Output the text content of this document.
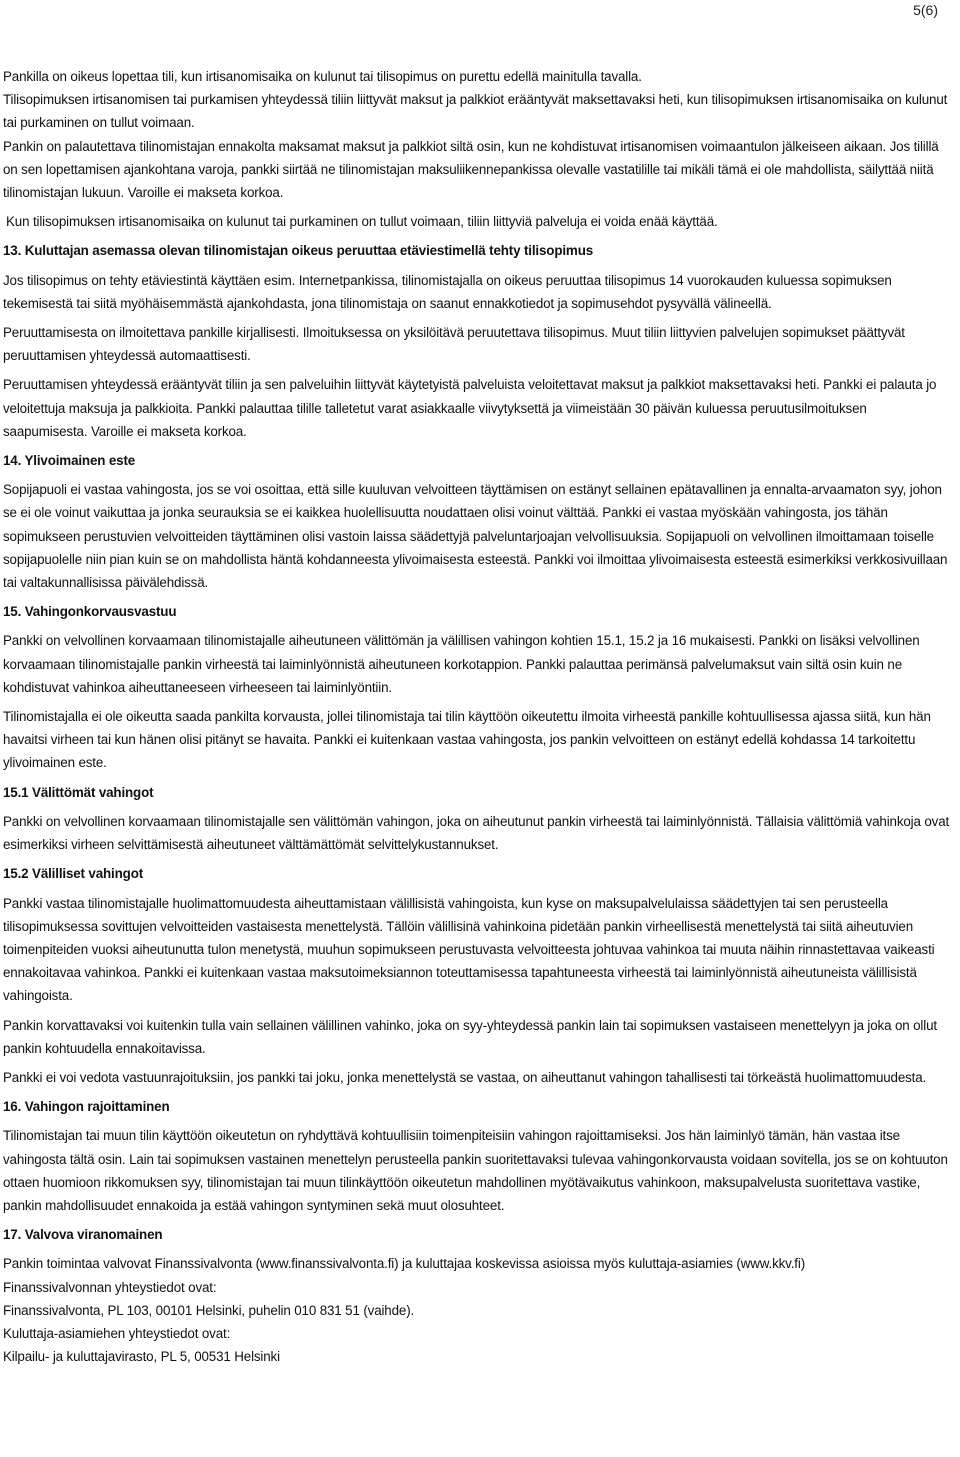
5(6)

Pankilla on oikeus lopettaa tili, kun irtisanomisaika on kulunut tai tilisopimus on purettu edellä mainitulla tavalla.

Tilisopimuksen irtisanomisen tai purkamisen yhteydessä tiliin liittyvät maksut ja palkkiot erääntyvät maksettavaksi heti, kun tilisopimuksen irtisanomisaika on kulunut tai purkaminen on tullut voimaan.

Pankin on palautettava tilinomistajan ennakolta maksamat maksut ja palkkiot siltä osin, kun ne kohdistuvat irtisanomisen voimaantulon jälkeiseen aikaan. Jos tilillä on sen lopettamisen ajankohtana varoja, pankki siirtää ne tilinomistajan maksuliikennepankissa olevalle vastatilille tai mikäli tämä ei ole mahdollista, säilyttää niitä tilinomistajan lukuun. Varoille ei makseta korkoa.

Kun tilisopimuksen irtisanomisaika on kulunut tai purkaminen on tullut voimaan, tiliin liittyviä palveluja ei voida enää käyttää.

13. Kuluttajan asemassa olevan tilinomistajan oikeus peruuttaa etäviestimellä tehty tilisopimus

Jos tilisopimus on tehty etäviestintä käyttäen esim. Internetpankissa, tilinomistajalla on oikeus peruuttaa tilisopimus 14 vuorokauden kuluessa sopimuksen tekemisestä tai siitä myöhäisemmästä ajankohdasta, jona tilinomistaja on saanut ennakkotiedot ja sopimusehdot pysyvällä välineellä.

Peruuttamisesta on ilmoitettava pankille kirjallisesti. Ilmoituksessa on yksilöitävä peruutettava tilisopimus. Muut tiliin liittyvien palvelujen sopimukset päättyvät peruuttamisen yhteydessä automaattisesti.

Peruuttamisen yhteydessä erääntyvät tiliin ja sen palveluihin liittyvät käytetyistä palveluista veloitettavat maksut ja palkkiot maksettavaksi heti. Pankki ei palauta jo veloitettuja maksuja ja palkkioita. Pankki palauttaa tilille talletetut varat asiakkaalle viivytyksettä ja viimeistään 30 päivän kuluessa peruutusilmoituksen saapumisesta. Varoille ei makseta korkoa.

14. Ylivoimainen este

Sopijapuoli ei vastaa vahingosta, jos se voi osoittaa, että sille kuuluvan velvoitteen täyttämisen on estänyt sellainen epätavallinen ja ennalta-arvaamaton syy, johon se ei ole voinut vaikuttaa ja jonka seurauksia se ei kaikkea huolellisuutta noudattaen olisi voinut välttää. Pankki ei vastaa myöskään vahingosta, jos tähän sopimukseen perustuvien velvoitteiden täyttäminen olisi vastoin laissa säädettyjä palveluntarjoajan velvollisuuksia. Sopijapuoli on velvollinen ilmoittamaan toiselle sopijapuolelle niin pian kuin se on mahdollista häntä kohdanneesta ylivoimaisesta esteestä. Pankki voi ilmoittaa ylivoimaisesta esteestä esimerkiksi verkkosivuillaan tai valtakunnallisissa päivälehdissä.

15. Vahingonkorvausvastuu

Pankki on velvollinen korvaamaan tilinomistajalle aiheutuneen välittömän ja välillisen vahingon kohtien 15.1, 15.2 ja 16 mukaisesti. Pankki on lisäksi velvollinen korvaamaan tilinomistajalle pankin virheestä tai laiminlyönnistä aiheutuneen korkotappion. Pankki palauttaa perimänsä palvelumaksut vain siltä osin kuin ne kohdistuvat vahinkoa aiheuttaneeseen virheeseen tai laiminlyöntiin.

Tilinomistajalla ei ole oikeutta saada pankilta korvausta, jollei tilinomistaja tai tilin käyttöön oikeutettu ilmoita virheestä pankille kohtuullisessa ajassa siitä, kun hän havaitsi virheen tai kun hänen olisi pitänyt se havaita. Pankki ei kuitenkaan vastaa vahingosta, jos pankin velvoitteen on estänyt edellä kohdassa 14 tarkoitettu ylivoimainen este.

15.1 Välittömät vahingot

Pankki on velvollinen korvaamaan tilinomistajalle sen välittömän vahingon, joka on aiheutunut pankin virheestä tai laiminlyönnistä. Tällaisia välittömiä vahinkoja ovat esimerkiksi virheen selvittämisestä aiheutuneet välttämättömät selvittelykustannukset.

15.2 Välilliset vahingot

Pankki vastaa tilinomistajalle huolimattomuudesta aiheuttamistaan välillisistä vahingoista, kun kyse on maksupalvelulaissa säädettyjen tai sen perusteella tilisopimuksessa sovittujen velvoitteiden vastaisesta menettelystä. Tällöin välillisinä vahinkoina pidetään pankin virheellisestä menettelystä tai siitä aiheutuvien toimenpiteiden vuoksi aiheutunutta tulon menetystä, muuhun sopimukseen perustuvasta velvoitteesta johtuvaa vahinkoa tai muuta näihin rinnastettavaa vaikeasti ennakoitavaa vahinkoa. Pankki ei kuitenkaan vastaa maksutoimeksiannon toteuttamisessa tapahtuneesta virheestä tai laiminlyönnistä aiheutuneista välillisistä vahingoista.

Pankin korvattavaksi voi kuitenkin tulla vain sellainen välillinen vahinko, joka on syy-yhteydessä pankin lain tai sopimuksen vastaiseen menettelyyn ja joka on ollut pankin kohtuudella ennakoitavissa.

Pankki ei voi vedota vastuunrajoituksiin, jos pankki tai joku, jonka menettelystä se vastaa, on aiheuttanut vahingon tahallisesti tai törkeästä huolimattomuudesta.

16. Vahingon rajoittaminen

Tilinomistajan tai muun tilin käyttöön oikeutetun on ryhdyttävä kohtuullisiin toimenpiteisiin vahingon rajoittamiseksi. Jos hän laiminlyö tämän, hän vastaa itse vahingosta tältä osin. Lain tai sopimuksen vastainen menettelyn perusteella pankin suoritettavaksi tulevaa vahingonkorvausta voidaan sovitella, jos se on kohtuuton ottaen huomioon rikkomuksen syy, tilinomistajan tai muun tilinkäyttöön oikeutetun mahdollinen myötävaikutus vahinkoon, maksupalvelusta suoritettava vastike, pankin mahdollisuudet ennakoida ja estää vahingon syntyminen sekä muut olosuhteet.

17. Valvova viranomainen

Pankin toimintaa valvovat Finanssivalvonta (www.finanssivalvonta.fi) ja kuluttajaa koskevissa asioissa myös kuluttaja-asiamies (www.kkv.fi)

Finanssivalvonnan yhteystiedot ovat:

Finanssivalvonta, PL 103, 00101 Helsinki, puhelin 010 831 51 (vaihde).

Kuluttaja-asiamiehen yhteystiedot ovat:

Kilpailu- ja kuluttajavirasto, PL 5, 00531 Helsinki
